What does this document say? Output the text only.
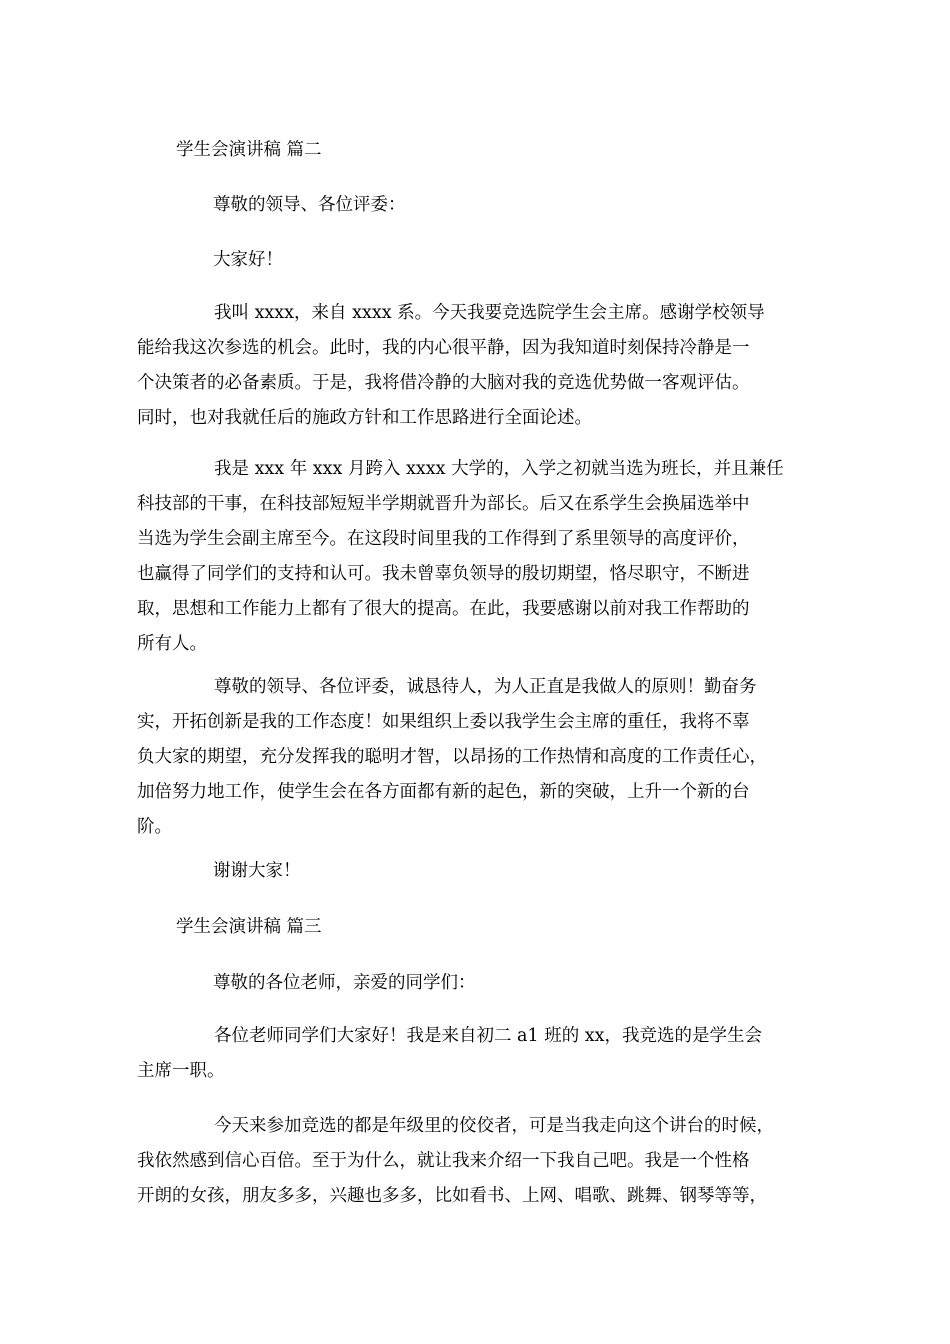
学生会演讲稿 篇二

尊敬的领导、各位评委：

大家好！

我叫 xxxx，来自 xxxx 系。今天我要竞选院学生会主席。感谢学校领导
能给我这次参选的机会。此时，我的内心很平静，因为我知道时刻保持冷静是一
个决策者的必备素质。于是，我将借冷静的大脑对我的竞选优势做一客观评估。
同时，也对我就任后的施政方针和工作思路进行全面论述。
我是 xxx 年 xxx 月跨入 xxxx 大学的，入学之初就当选为班长，并且兼任
科技部的干事，在科技部短短半学期就晋升为部长。后又在系学生会换届选举中
当选为学生会副主席至今。在这段时间里我的工作得到了系里领导的高度评价，
也赢得了同学们的支持和认可。我未曾辜负领导的殷切期望，恪尽职守，不断进
取，思想和工作能力上都有了很大的提高。在此，我要感谢以前对我工作帮助的
所有人。
尊敬的领导、各位评委，诚恳待人，为人正直是我做人的原则！勤奋务
实，开拓创新是我的工作态度！如果组织上委以我学生会主席的重任，我将不辜
负大家的期望，充分发挥我的聪明才智，以昂扬的工作热情和高度的工作责任心，
加倍努力地工作，使学生会在各方面都有新的起色，新的突破，上升一个新的台
阶。

谢谢大家！

学生会演讲稿 篇三

尊敬的各位老师，亲爱的同学们：

各位老师同学们大家好！我是来自初二 a1 班的 xx，我竞选的是学生会
主席一职。
今天来参加竞选的都是年级里的佼佼者，可是当我走向这个讲台的时候，
我依然感到信心百倍。至于为什么，就让我来介绍一下我自己吧。我是一个性格
开朗的女孩，朋友多多，兴趣也多多，比如看书、上网、唱歌、跳舞、钢琴等等，
